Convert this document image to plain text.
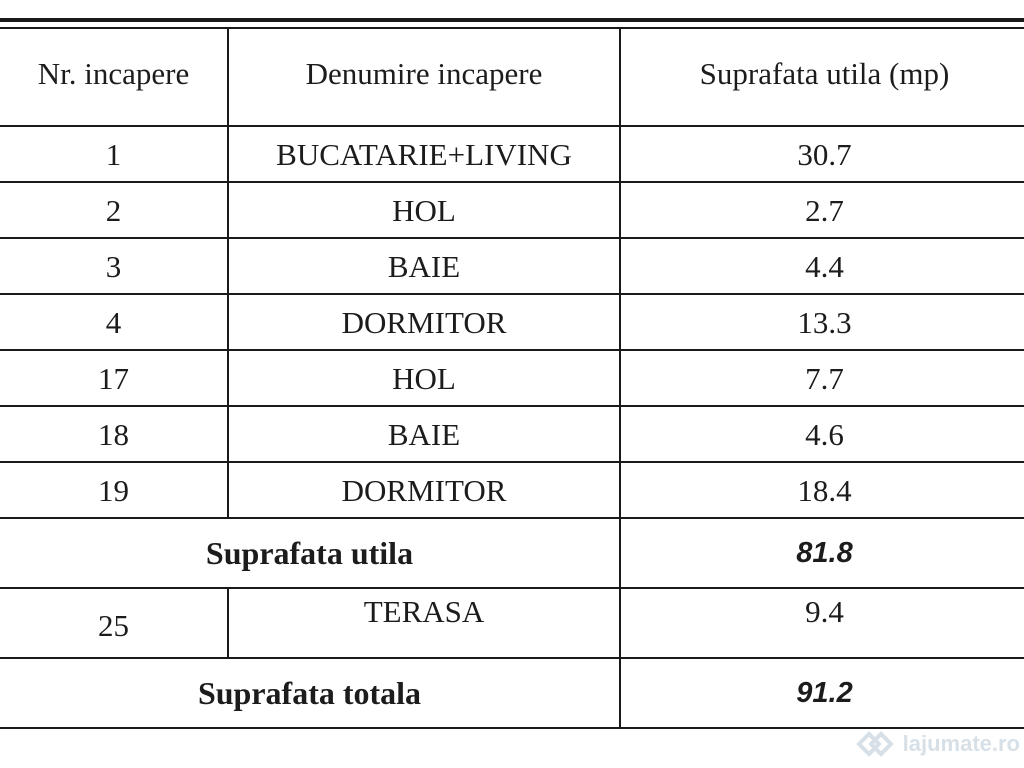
Nr. incapere	Denumire incapere	Suprafata utila (mp)
1	BUCATARIE+LIVING	30.7
2	HOL	2.7
3	BAIE	4.4
4	DORMITOR	13.3
17	HOL	7.7
18	BAIE	4.6
19	DORMITOR	18.4
Suprafata utila		81.8
25	TERASA	9.4
Suprafata totala		91.2
lajumate.ro
